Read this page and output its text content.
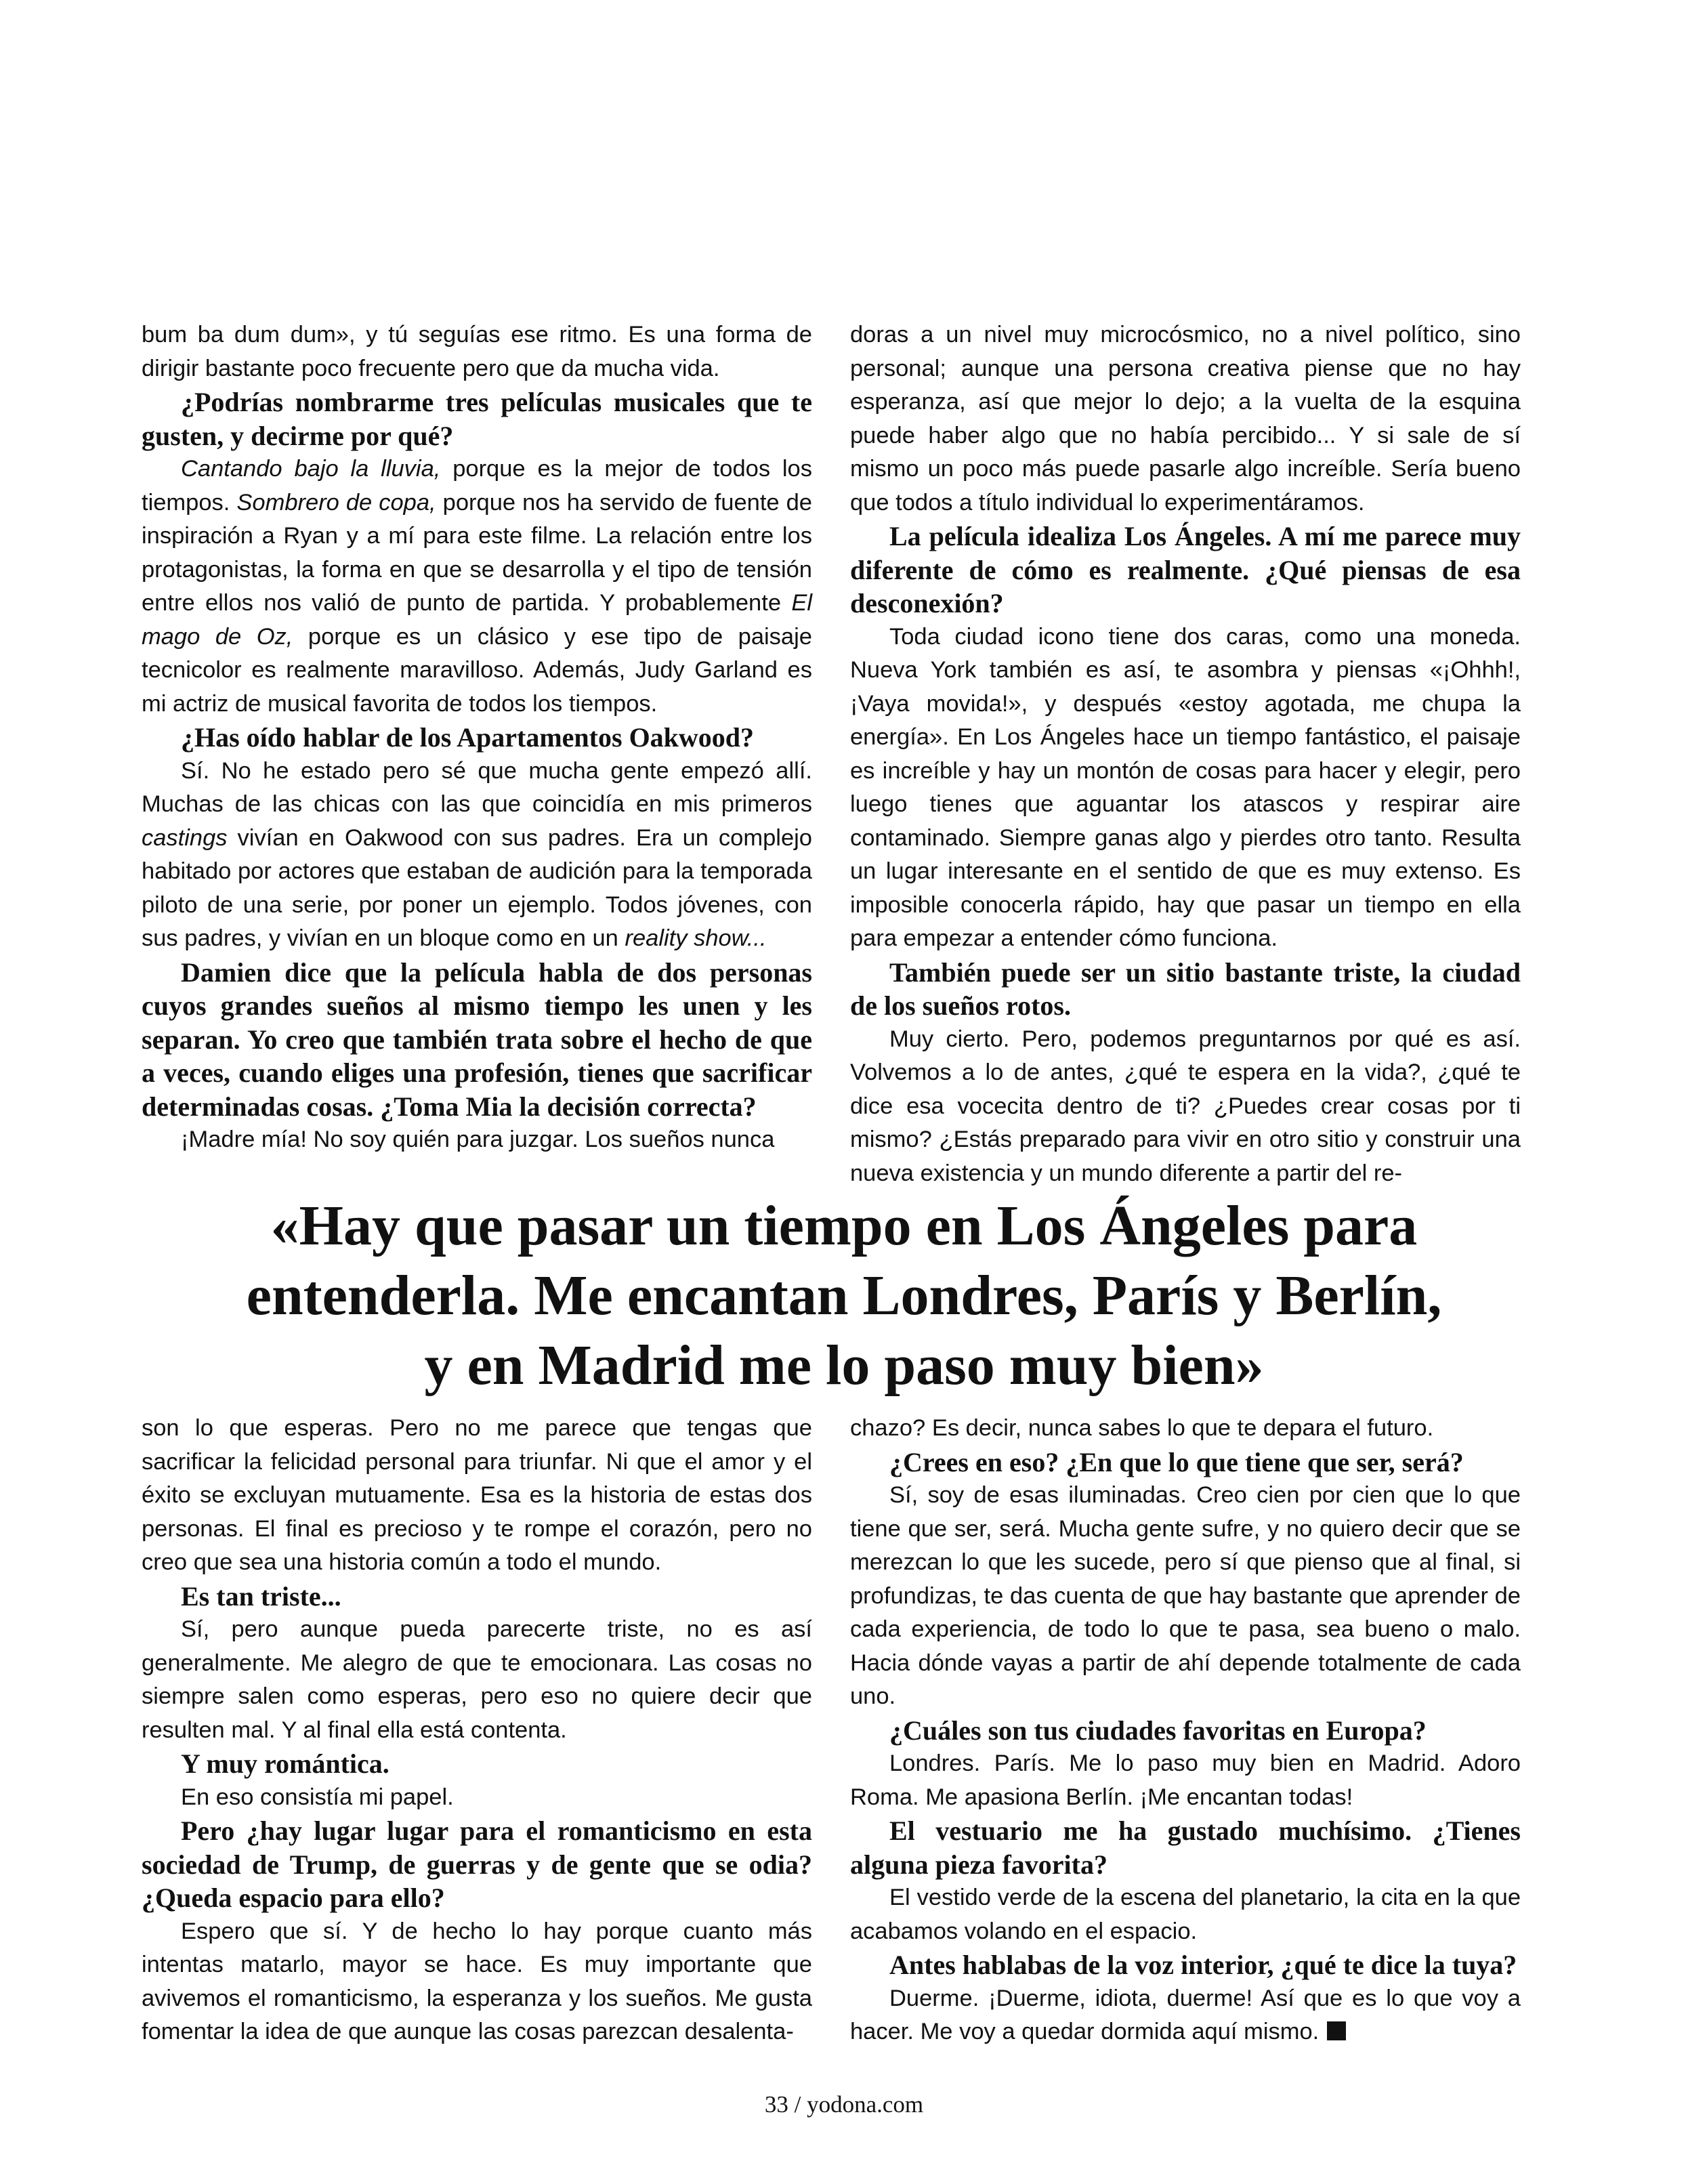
bum ba dum dum», y tú seguías ese ritmo. Es una forma de dirigir bastante poco frecuente pero que da mucha vida.

¿Podrías nombrarme tres películas musicales que te gusten, y decirme por qué?

Cantando bajo la lluvia, porque es la mejor de todos los tiempos. Sombrero de copa, porque nos ha servido de fuente de inspiración a Ryan y a mí para este filme. La relación entre los protagonistas, la forma en que se desarrolla y el tipo de tensión entre ellos nos valió de punto de partida. Y probablemente El mago de Oz, porque es un clásico y ese tipo de paisaje tecnicolor es realmente maravilloso. Además, Judy Garland es mi actriz de musical favorita de todos los tiempos.

¿Has oído hablar de los Apartamentos Oakwood?

Sí. No he estado pero sé que mucha gente empezó allí. Muchas de las chicas con las que coincidía en mis primeros castings vivían en Oakwood con sus padres. Era un complejo habitado por actores que estaban de audición para la temporada piloto de una serie, por poner un ejemplo. Todos jóvenes, con sus padres, y vivían en un bloque como en un reality show...

Damien dice que la película habla de dos personas cuyos grandes sueños al mismo tiempo les unen y les separan. Yo creo que también trata sobre el hecho de que a veces, cuando eliges una profesión, tienes que sacrificar determinadas cosas. ¿Toma Mia la decisión correcta?

¡Madre mía! No soy quién para juzgar. Los sueños nunca

doras a un nivel muy microcósmico, no a nivel político, sino personal; aunque una persona creativa piense que no hay esperanza, así que mejor lo dejo; a la vuelta de la esquina puede haber algo que no había percibido... Y si sale de sí mismo un poco más puede pasarle algo increíble. Sería bueno que todos a título individual lo experimentáramos.

La película idealiza Los Ángeles. A mí me parece muy diferente de cómo es realmente. ¿Qué piensas de esa desconexión?

Toda ciudad icono tiene dos caras, como una moneda. Nueva York también es así, te asombra y piensas «¡Ohhh!, ¡Vaya movida!», y después «estoy agotada, me chupa la energía». En Los Ángeles hace un tiempo fantástico, el paisaje es increíble y hay un montón de cosas para hacer y elegir, pero luego tienes que aguantar los atascos y respirar aire contaminado. Siempre ganas algo y pierdes otro tanto. Resulta un lugar interesante en el sentido de que es muy extenso. Es imposible conocerla rápido, hay que pasar un tiempo en ella para empezar a entender cómo funciona.

También puede ser un sitio bastante triste, la ciudad de los sueños rotos.

Muy cierto. Pero, podemos preguntarnos por qué es así. Volvemos a lo de antes, ¿qué te espera en la vida?, ¿qué te dice esa vocecita dentro de ti? ¿Puedes crear cosas por ti mismo? ¿Estás preparado para vivir en otro sitio y construir una nueva existencia y un mundo diferente a partir del re-

«Hay que pasar un tiempo en Los Ángeles para
entenderla. Me encantan Londres, París y Berlín,
y en Madrid me lo paso muy bien»

son lo que esperas. Pero no me parece que tengas que sacrificar la felicidad personal para triunfar. Ni que el amor y el éxito se excluyan mutuamente. Esa es la historia de estas dos personas. El final es precioso y te rompe el corazón, pero no creo que sea una historia común a todo el mundo.

Es tan triste...

Sí, pero aunque pueda parecerte triste, no es así generalmente. Me alegro de que te emocionara. Las cosas no siempre salen como esperas, pero eso no quiere decir que resulten mal. Y al final ella está contenta.

Y muy romántica.

En eso consistía mi papel.

Pero ¿hay lugar lugar para el romanticismo en esta sociedad de Trump, de guerras y de gente que se odia? ¿Queda espacio para ello?

Espero que sí. Y de hecho lo hay porque cuanto más intentas matarlo, mayor se hace. Es muy importante que avivemos el romanticismo, la esperanza y los sueños. Me gusta fomentar la idea de que aunque las cosas parezcan desalenta-

chazo? Es decir, nunca sabes lo que te depara el futuro.

¿Crees en eso? ¿En que lo que tiene que ser, será?

Sí, soy de esas iluminadas. Creo cien por cien que lo que tiene que ser, será. Mucha gente sufre, y no quiero decir que se merezcan lo que les sucede, pero sí que pienso que al final, si profundizas, te das cuenta de que hay bastante que aprender de cada experiencia, de todo lo que te pasa, sea bueno o malo. Hacia dónde vayas a partir de ahí depende totalmente de cada uno.

¿Cuáles son tus ciudades favoritas en Europa?

Londres. París. Me lo paso muy bien en Madrid. Adoro Roma. Me apasiona Berlín. ¡Me encantan todas!

El vestuario me ha gustado muchísimo. ¿Tienes alguna pieza favorita?

El vestido verde de la escena del planetario, la cita en la que acabamos volando en el espacio.

Antes hablabas de la voz interior, ¿qué te dice la tuya?

Duerme. ¡Duerme, idiota, duerme! Así que es lo que voy a hacer. Me voy a quedar dormida aquí mismo.

33 / yodona.com
